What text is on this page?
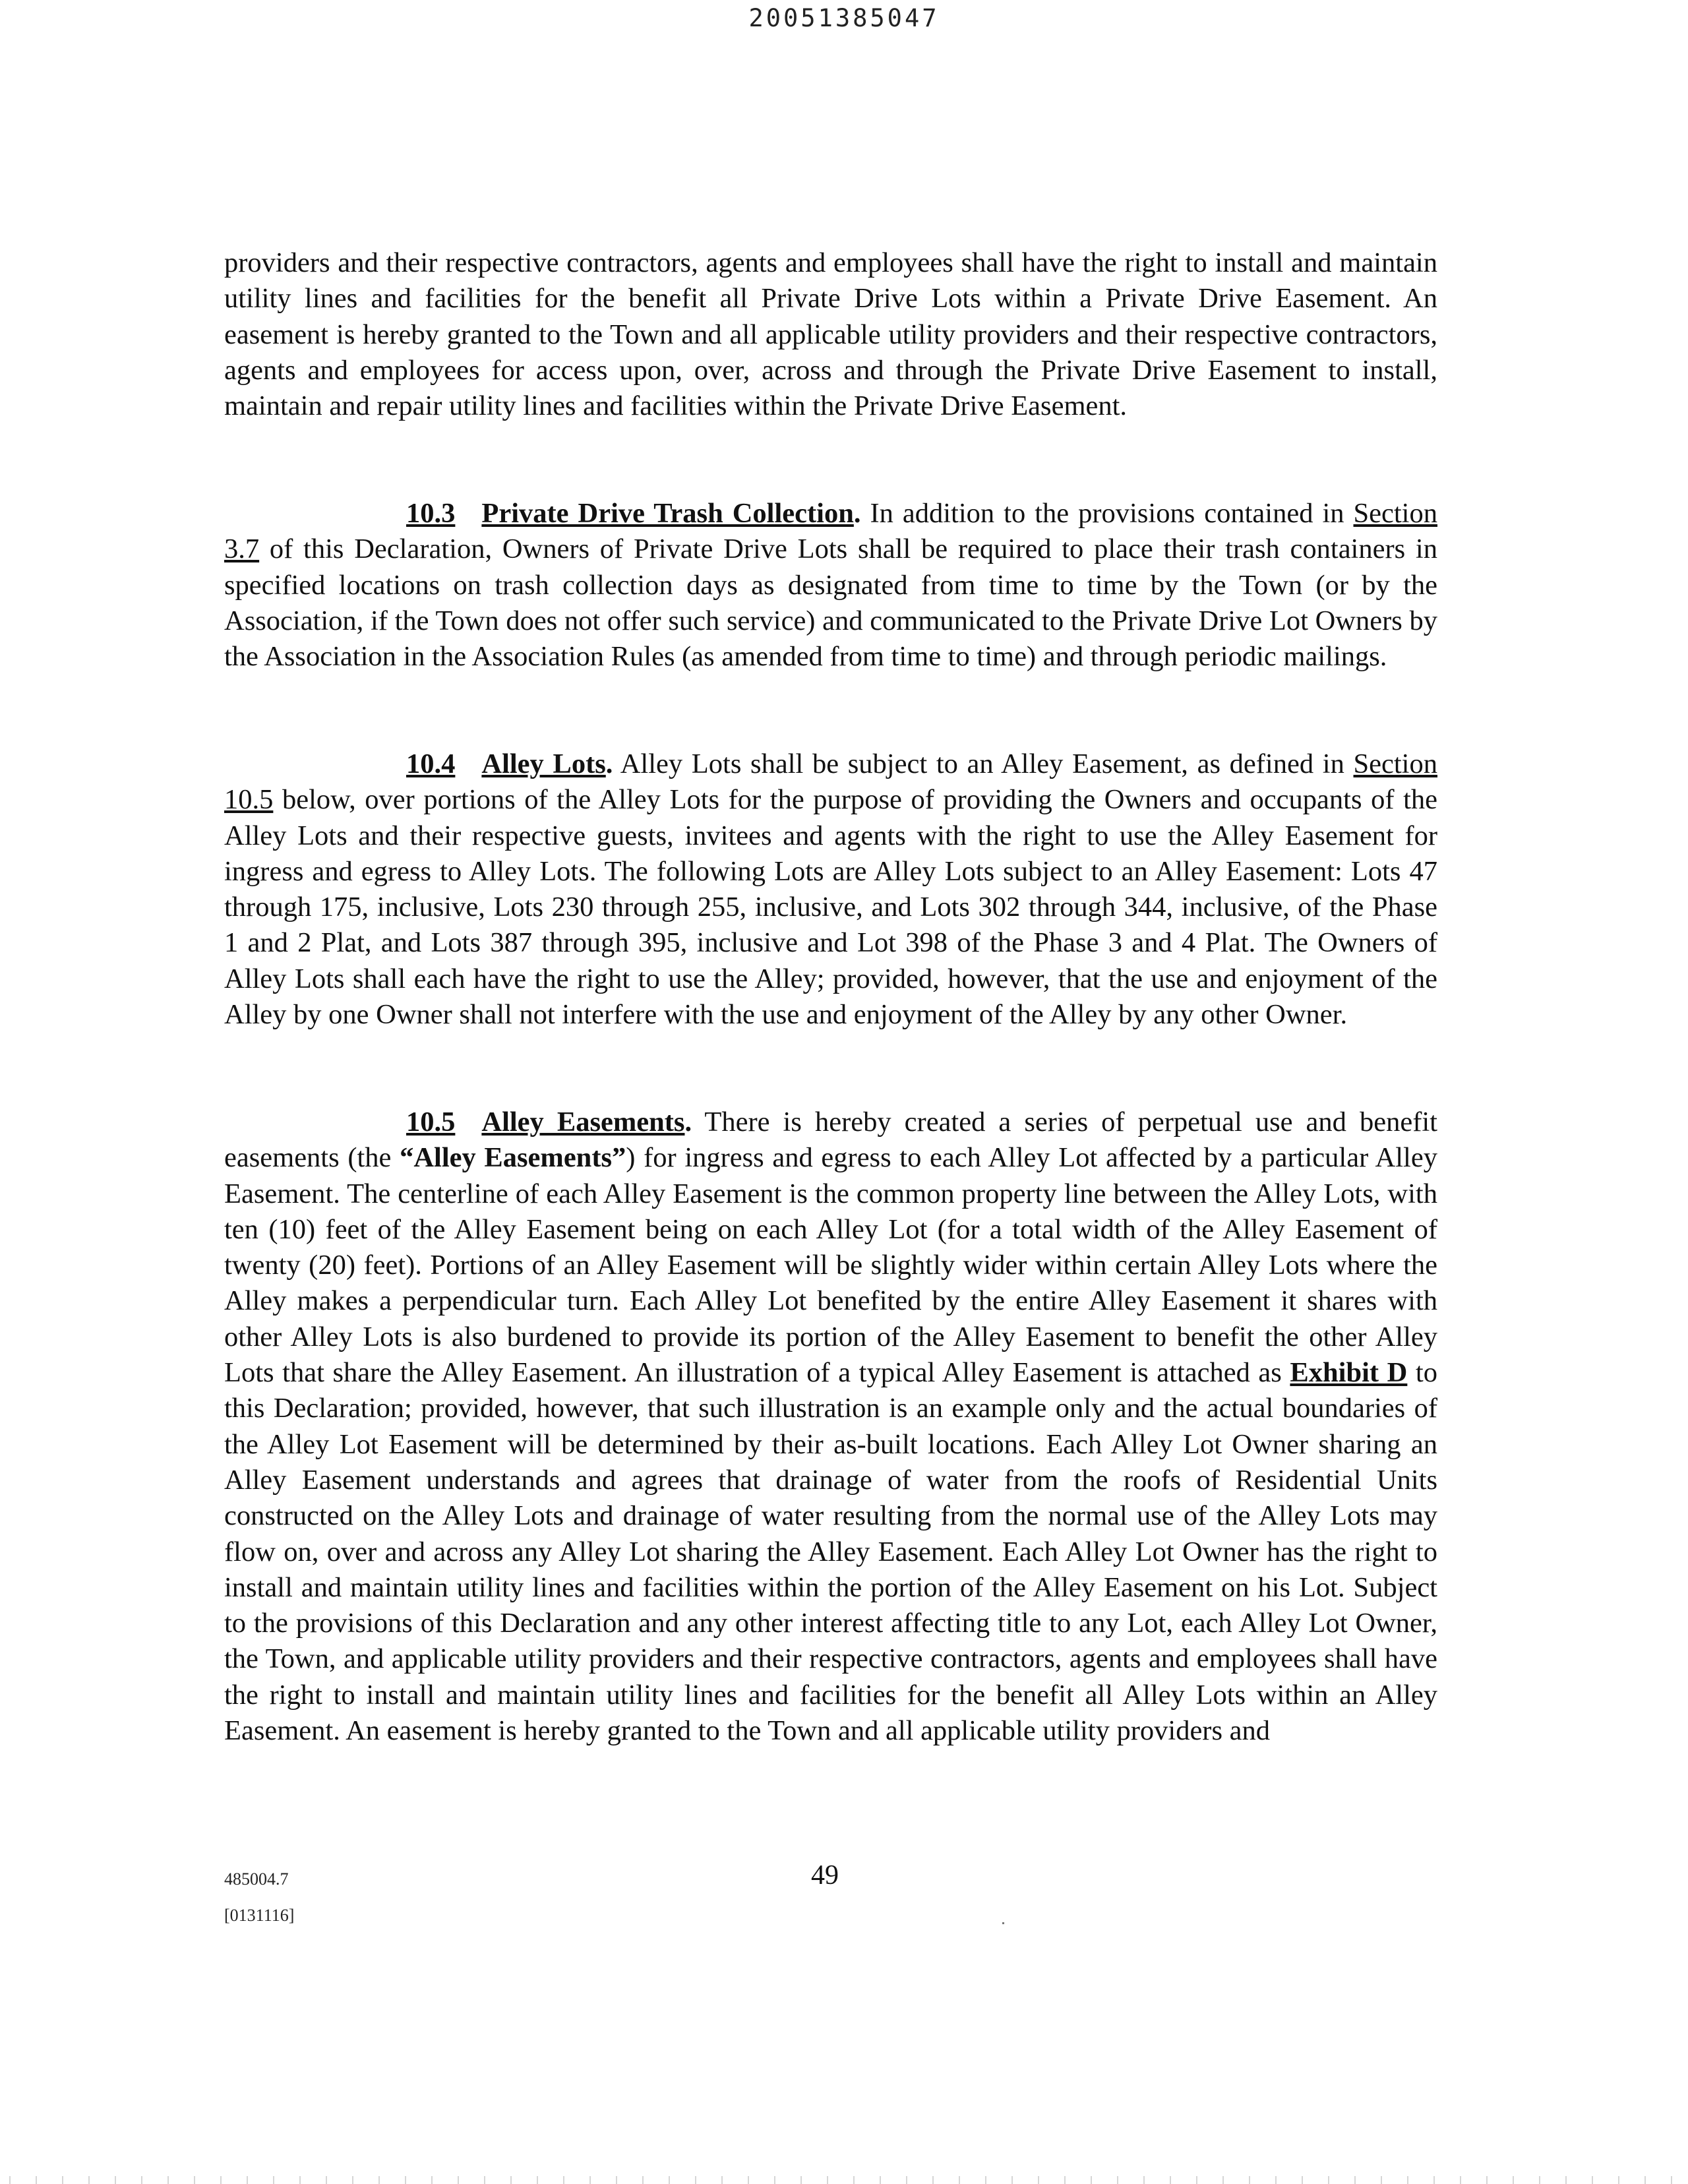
20051385047

providers and their respective contractors, agents and employees shall have the right to install and maintain utility lines and facilities for the benefit all Private Drive Lots within a Private Drive Easement. An easement is hereby granted to the Town and all applicable utility providers and their respective contractors, agents and employees for access upon, over, across and through the Private Drive Easement to install, maintain and repair utility lines and facilities within the Private Drive Easement.

10.3 Private Drive Trash Collection. In addition to the provisions contained in Section 3.7 of this Declaration, Owners of Private Drive Lots shall be required to place their trash containers in specified locations on trash collection days as designated from time to time by the Town (or by the Association, if the Town does not offer such service) and communicated to the Private Drive Lot Owners by the Association in the Association Rules (as amended from time to time) and through periodic mailings.

10.4 Alley Lots. Alley Lots shall be subject to an Alley Easement, as defined in Section 10.5 below, over portions of the Alley Lots for the purpose of providing the Owners and occupants of the Alley Lots and their respective guests, invitees and agents with the right to use the Alley Easement for ingress and egress to Alley Lots. The following Lots are Alley Lots subject to an Alley Easement: Lots 47 through 175, inclusive, Lots 230 through 255, inclusive, and Lots 302 through 344, inclusive, of the Phase 1 and 2 Plat, and Lots 387 through 395, inclusive and Lot 398 of the Phase 3 and 4 Plat. The Owners of Alley Lots shall each have the right to use the Alley; provided, however, that the use and enjoyment of the Alley by one Owner shall not interfere with the use and enjoyment of the Alley by any other Owner.

10.5 Alley Easements. There is hereby created a series of perpetual use and benefit easements (the “Alley Easements”) for ingress and egress to each Alley Lot affected by a particular Alley Easement. The centerline of each Alley Easement is the common property line between the Alley Lots, with ten (10) feet of the Alley Easement being on each Alley Lot (for a total width of the Alley Easement of twenty (20) feet). Portions of an Alley Easement will be slightly wider within certain Alley Lots where the Alley makes a perpendicular turn. Each Alley Lot benefited by the entire Alley Easement it shares with other Alley Lots is also burdened to provide its portion of the Alley Easement to benefit the other Alley Lots that share the Alley Easement. An illustration of a typical Alley Easement is attached as Exhibit D to this Declaration; provided, however, that such illustration is an example only and the actual boundaries of the Alley Lot Easement will be determined by their as-built locations. Each Alley Lot Owner sharing an Alley Easement understands and agrees that drainage of water from the roofs of Residential Units constructed on the Alley Lots and drainage of water resulting from the normal use of the Alley Lots may flow on, over and across any Alley Lot sharing the Alley Easement. Each Alley Lot Owner has the right to install and maintain utility lines and facilities within the portion of the Alley Easement on his Lot. Subject to the provisions of this Declaration and any other interest affecting title to any Lot, each Alley Lot Owner, the Town, and applicable utility providers and their respective contractors, agents and employees shall have the right to install and maintain utility lines and facilities for the benefit all Alley Lots within an Alley Easement. An easement is hereby granted to the Town and all applicable utility providers and

485004.7	49
[0131116]
